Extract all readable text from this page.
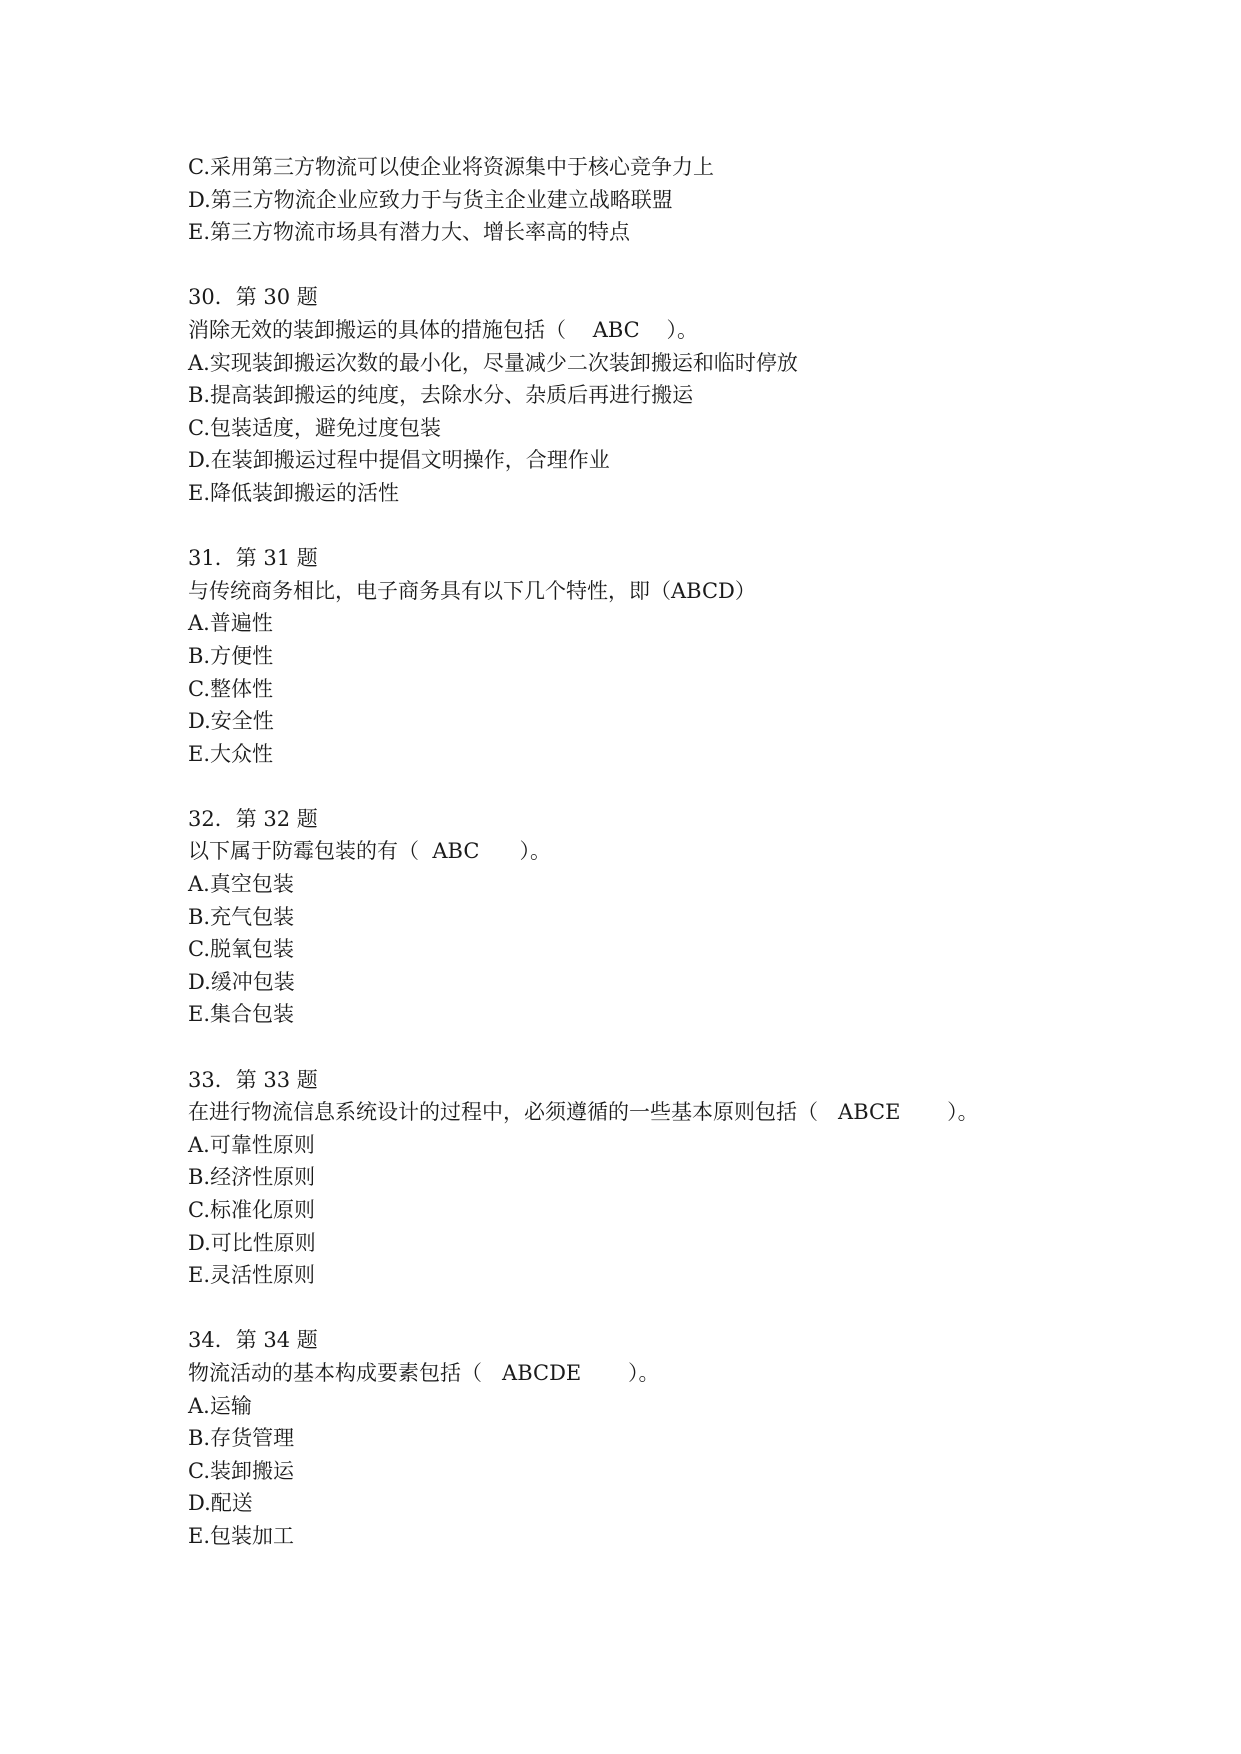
C.采用第三方物流可以使企业将资源集中于核心竞争力上

D.第三方物流企业应致力于与货主企业建立战略联盟

E.第三方物流市场具有潜力大、增长率高的特点

30．第 30 题

消除无效的装卸搬运的具体的措施包括（    ABC    ）。

A.实现装卸搬运次数的最小化，尽量减少二次装卸搬运和临时停放

B.提高装卸搬运的纯度，去除水分、杂质后再进行搬运

C.包装适度，避免过度包装

D.在装卸搬运过程中提倡文明操作，合理作业

E.降低装卸搬运的活性

31．第 31 题

与传统商务相比，电子商务具有以下几个特性，即（ABCD）

A.普遍性

B.方便性

C.整体性

D.安全性

E.大众性

32．第 32 题

以下属于防霉包装的有（  ABC      ）。

A.真空包装

B.充气包装

C.脱氧包装

D.缓冲包装

E.集合包装

33．第 33 题

在进行物流信息系统设计的过程中，必须遵循的一些基本原则包括（   ABCE       ）。

A.可靠性原则

B.经济性原则

C.标准化原则

D.可比性原则

E.灵活性原则

34．第 34 题

物流活动的基本构成要素包括（   ABCDE       ）。

A.运输

B.存货管理

C.装卸搬运

D.配送

E.包装加工
